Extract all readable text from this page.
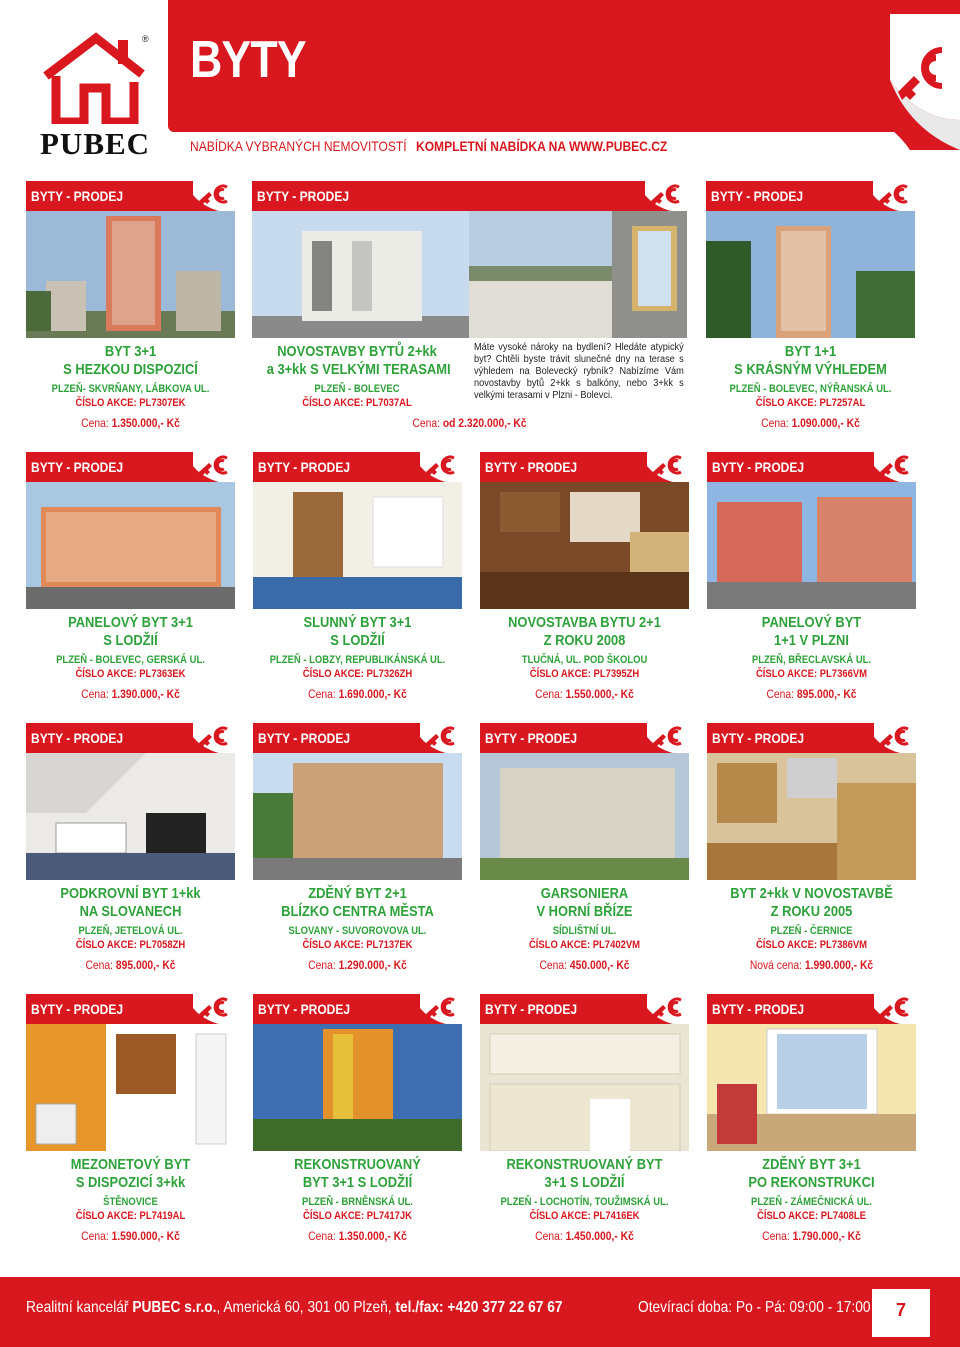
®
PUBEC
BYTY
NABÍDKA VYBRANÝCH NEMOVITOSTÍ KOMPLETNÍ NABÍDKA NA WWW.PUBEC.CZ
BYTY - PRODEJ
BYT 3+1
S HEZKOU DISPOZICÍ
PLZEŇ- SKVRŇANY, LÁBKOVA UL.
ČÍSLO AKCE: PL7307EK
Cena: 1.350.000,- Kč
BYTY - PRODEJ
NOVOSTAVBY BYTŮ 2+kk
a 3+kk S VELKÝMI TERASAMI
PLZEŇ - BOLEVEC
ČÍSLO AKCE: PL7037AL

Máte vysoké nároky na bydlení? Hledáte atypický byt? Chtěli byste trávit slunečné dny na terase s výhledem na Bolevecký rybník? Nabízíme Vám novostavby bytů 2+kk s balkóny, nebo 3+kk s velkými terasami v Plzni - Bolevci.

Cena: od 2.320.000,- Kč
BYTY - PRODEJ
BYT 1+1
S KRÁSNÝM VÝHLEDEM
PLZEŇ - BOLEVEC, NÝŘANSKÁ UL.
ČÍSLO AKCE: PL7257AL
Cena: 1.090.000,- Kč
BYTY - PRODEJ
PANELOVÝ BYT 3+1
S LODŽIÍ
PLZEŇ - BOLEVEC, GERSKÁ UL.
ČÍSLO AKCE: PL7363EK
Cena: 1.390.000,- Kč
BYTY - PRODEJ
SLUNNÝ BYT 3+1
S LODŽIÍ
PLZEŇ - LOBZY, REPUBLIKÁNSKÁ UL.
ČÍSLO AKCE: PL7326ZH
Cena: 1.690.000,- Kč
BYTY - PRODEJ
NOVOSTAVBA BYTU 2+1
Z ROKU 2008
TLUČNÁ, UL. POD ŠKOLOU
ČÍSLO AKCE: PL7395ZH
Cena: 1.550.000,- Kč
BYTY - PRODEJ
PANELOVÝ BYT
1+1 V PLZNI
PLZEŇ, BŘECLAVSKÁ UL.
ČÍSLO AKCE: PL7366VM
Cena: 895.000,- Kč
BYTY - PRODEJ
PODKROVNÍ BYT 1+kk
NA SLOVANECH
PLZEŇ, JETELOVÁ UL.
ČÍSLO AKCE: PL7058ZH
Cena: 895.000,- Kč
BYTY - PRODEJ
ZDĚNÝ BYT 2+1
BLÍZKO CENTRA MĚSTA
SLOVANY - SUVOROVOVA UL.
ČÍSLO AKCE: PL7137EK
Cena: 1.290.000,- Kč
BYTY - PRODEJ
GARSONIERA
V HORNÍ BŘÍZE
SÍDLIŠTNÍ UL.
ČÍSLO AKCE: PL7402VM
Cena: 450.000,- Kč
BYTY - PRODEJ
BYT 2+kk V NOVOSTAVBĚ
Z ROKU 2005
PLZEŇ - ČERNICE
ČÍSLO AKCE: PL7386VM
Nová cena: 1.990.000,- Kč
BYTY - PRODEJ
MEZONETOVÝ BYT
S DISPOZICÍ 3+kk
ŠTĚNOVICE
ČÍSLO AKCE: PL7419AL
Cena: 1.590.000,- Kč
BYTY - PRODEJ
REKONSTRUOVANÝ
BYT 3+1 S LODŽIÍ
PLZEŇ - BRNĚNSKÁ UL.
ČÍSLO AKCE: PL7417JK
Cena: 1.350.000,- Kč
BYTY - PRODEJ
REKONSTRUOVANÝ BYT
3+1 S LODŽIÍ
PLZEŇ - LOCHOTÍN, TOUŽIMSKÁ UL.
ČÍSLO AKCE: PL7416EK
Cena: 1.450.000,- Kč
BYTY - PRODEJ
ZDĚNÝ BYT 3+1
PO REKONSTRUKCI
PLZEŇ - ZÁMEČNICKÁ UL.
ČÍSLO AKCE: PL7408LE
Cena: 1.790.000,- Kč
Realitní kancelář PUBEC s.r.o., Americká 60, 301 00 Plzeň, tel./fax: +420 377 22 67 67	Otevírací doba: Po - Pá: 09:00 - 17:00	7
